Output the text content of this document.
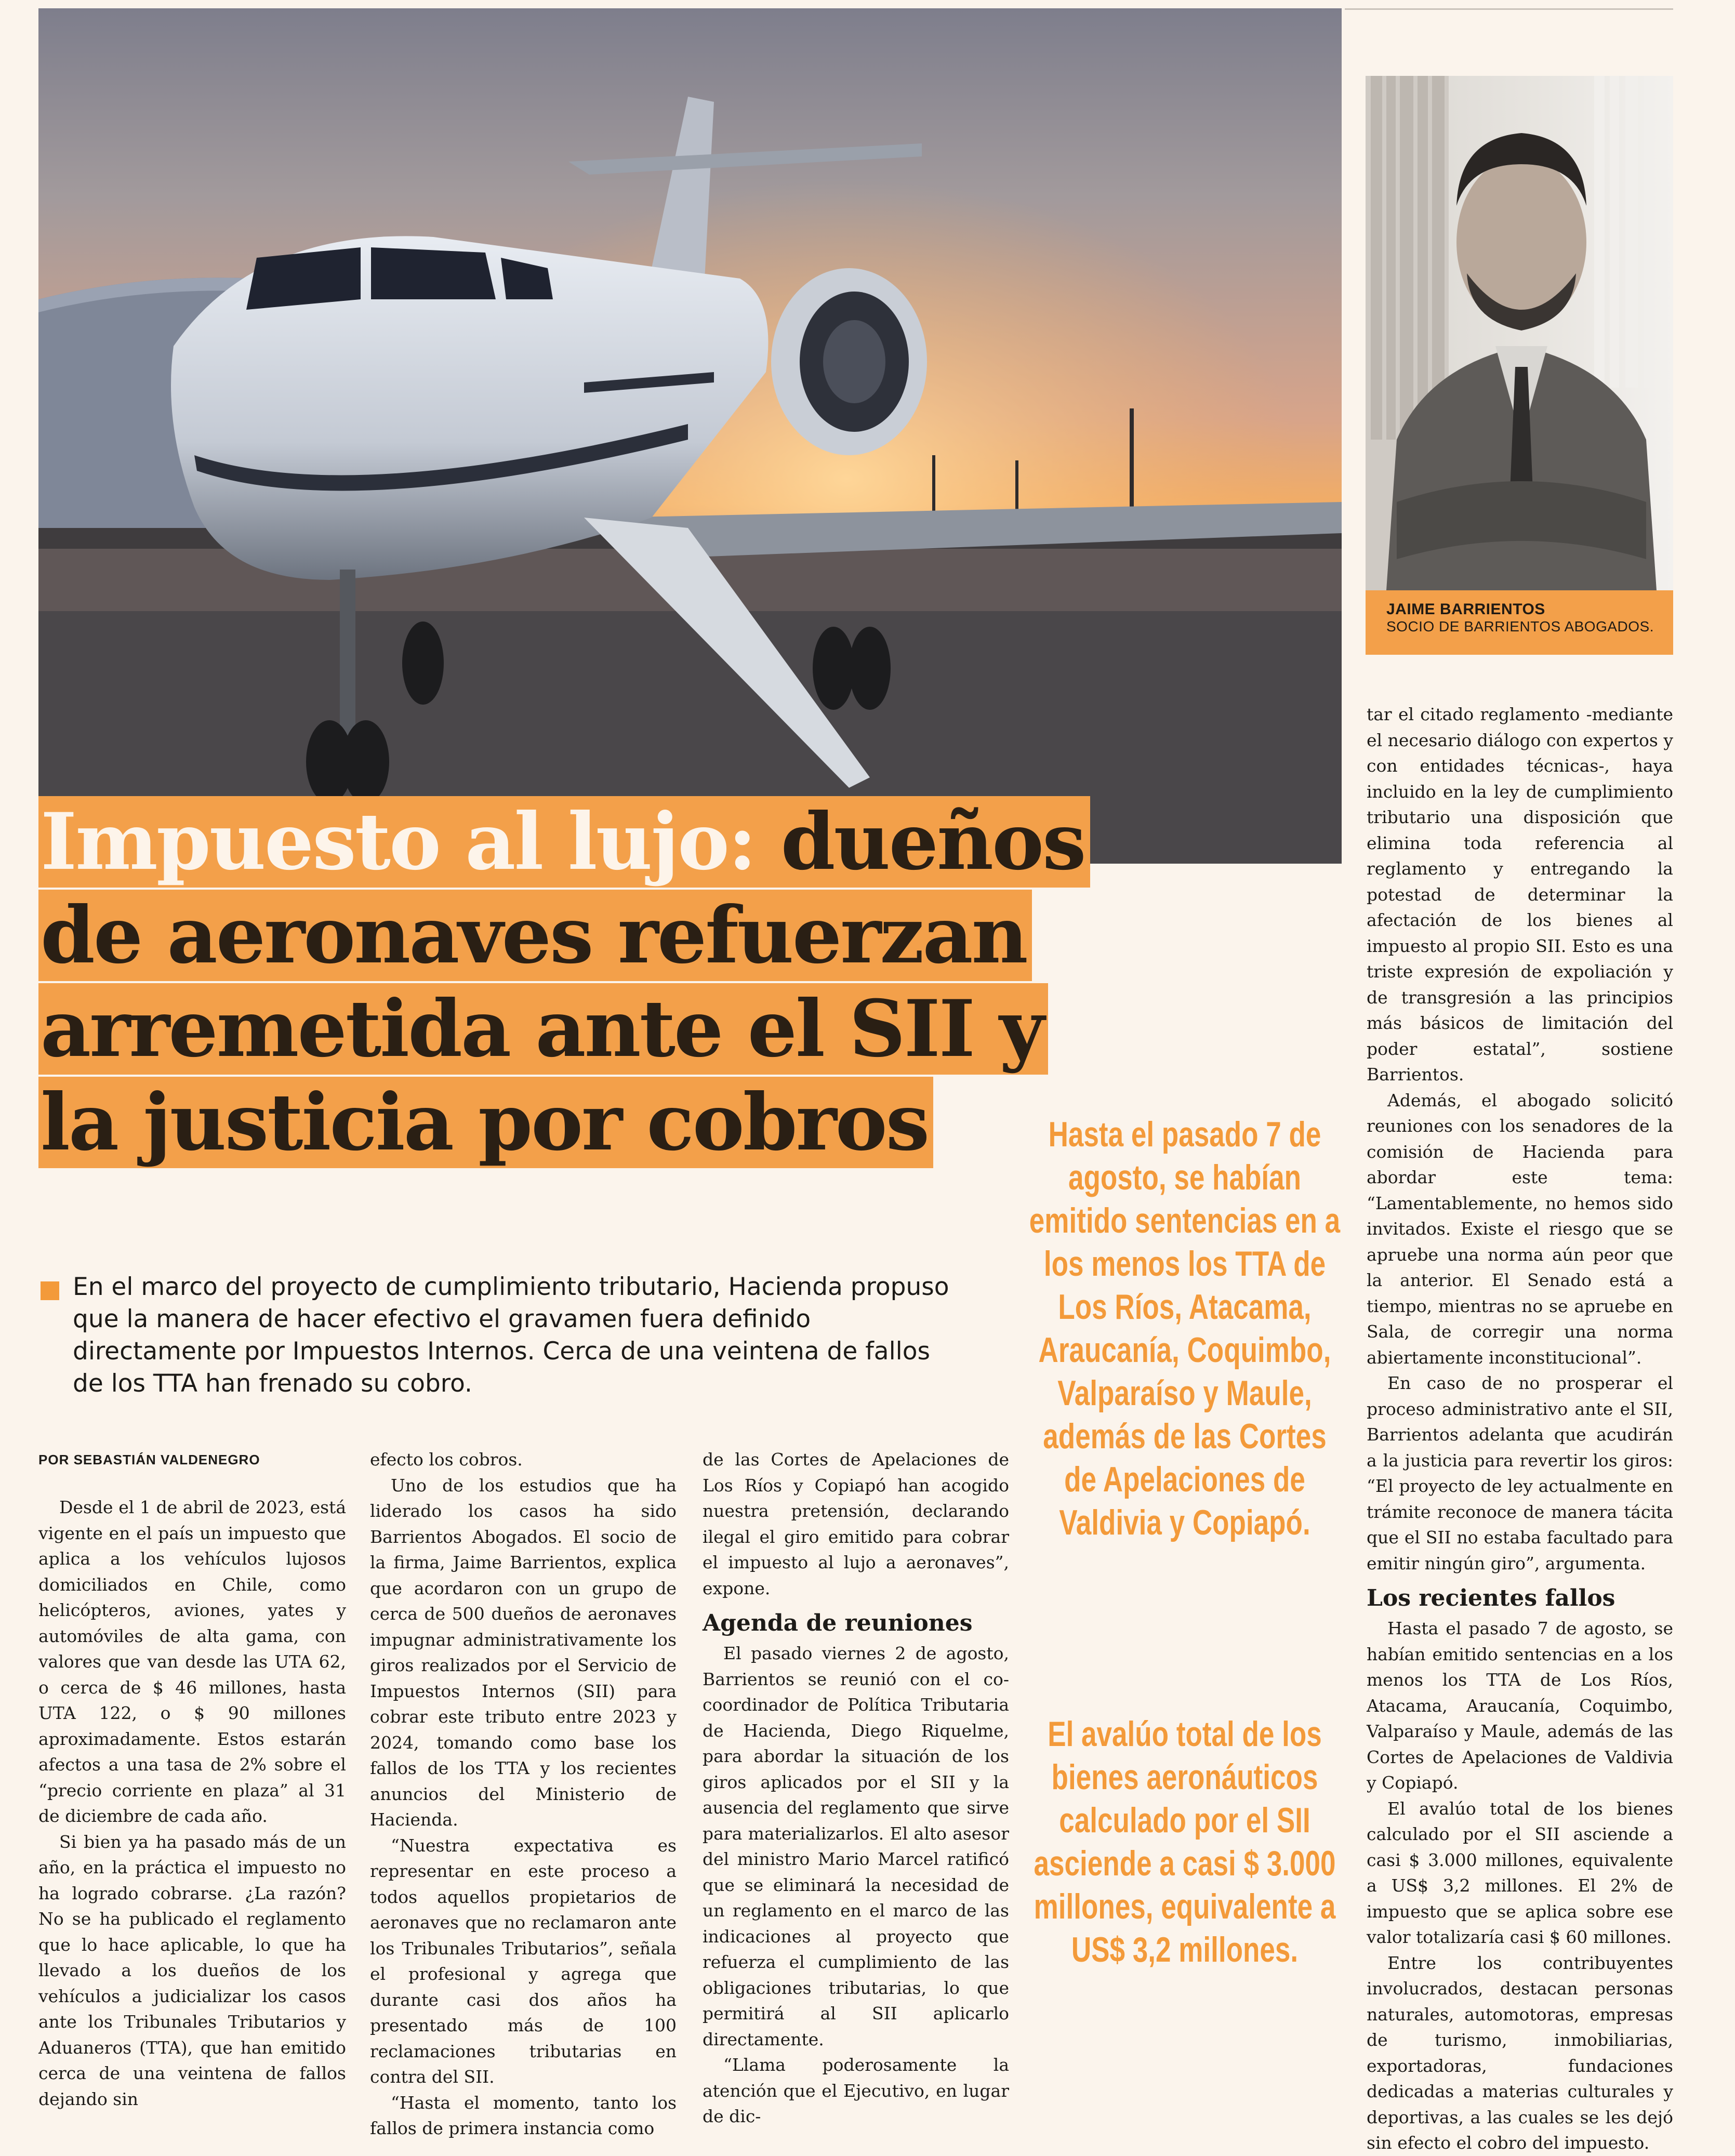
JAIME BARRIENTOS
SOCIO DE BARRIENTOS ABOGADOS.
Impuesto al lujo: dueños
de aeronaves refuerzan
arremetida ante el SII y
la justicia por cobros
En el marco del proyecto de cumplimiento tributario, Hacienda propuso que la manera de hacer efectivo el gravamen fuera definido directamente por Impuestos Internos. Cerca de una veintena de fallos de los TTA han frenado su cobro.
POR SEBASTIÁN VALDENEGRO

Desde el 1 de abril de 2023, está vigente en el país un impuesto que aplica a los vehículos lujosos domiciliados en Chile, como helicópteros, aviones, yates y automóviles de alta gama, con valores que van desde las UTA 62, o cerca de $ 46 millones, hasta UTA 122, o $ 90 millones aproximadamente. Estos estarán afectos a una tasa de 2% sobre el “precio corriente en plaza” al 31 de diciembre de cada año.

Si bien ya ha pasado más de un año, en la práctica el impuesto no ha logrado cobrarse. ¿La razón? No se ha publicado el reglamento que lo hace aplicable, lo que ha llevado a los dueños de los vehículos a judicializar los casos ante los Tribunales Tributarios y Aduaneros (TTA), que han emitido cerca de una veintena de fallos dejando sin

efecto los cobros.

Uno de los estudios que ha liderado los casos ha sido Barrientos Abogados. El socio de la firma, Jaime Barrientos, explica que acordaron con un grupo de cerca de 500 dueños de aeronaves impugnar administrativamente los giros realizados por el Servicio de Impuestos Internos (SII) para cobrar este tributo entre 2023 y 2024, tomando como base los fallos de los TTA y los recientes anuncios del Ministerio de Hacienda.

“Nuestra expectativa es representar en este proceso a todos aquellos propietarios de aeronaves que no reclamaron ante los Tribunales Tributarios”, señala el profesional y agrega que durante casi dos años ha presentado más de 100 reclamaciones tributarias en contra del SII.

“Hasta el momento, tanto los fallos de primera instancia como

de las Cortes de Apelaciones de Los Ríos y Copiapó han acogido nuestra pretensión, declarando ilegal el giro emitido para cobrar el impuesto al lujo a aeronaves”, expone.

Agenda de reuniones

El pasado viernes 2 de agosto, Barrientos se reunió con el co-coordinador de Política Tributaria de Hacienda, Diego Riquelme, para abordar la situación de los giros aplicados por el SII y la ausencia del reglamento que sirve para materializarlos. El alto asesor del ministro Mario Marcel ratificó que se eliminará la necesidad de un reglamento en el marco de las indicaciones al proyecto que refuerza el cumplimiento de las obligaciones tributarias, lo que permitirá al SII aplicarlo directamente.

“Llama poderosamente la atención que el Ejecutivo, en lugar de dic-

Hasta el pasado 7 de agosto, se habían emitido sentencias en a los menos los TTA de Los Ríos, Atacama, Araucanía, Coquimbo, Valparaíso y Maule, además de las Cortes de Apelaciones de Valdivia y Copiapó.
El avalúo total de los bienes aeronáuticos calculado por el SII asciende a casi $ 3.000 millones, equivalente a US$ 3,2 millones.

tar el citado reglamento -mediante el necesario diálogo con expertos y con entidades técnicas-, haya incluido en la ley de cumplimiento tributario una disposición que elimina toda referencia al reglamento y entregando la potestad de determinar la afectación de los bienes al impuesto al propio SII. Esto es una triste expresión de expoliación y de transgresión a las principios más básicos de limitación del poder estatal”, sostiene Barrientos.

Además, el abogado solicitó reuniones con los senadores de la comisión de Hacienda para abordar este tema: “Lamentablemente, no hemos sido invitados. Existe el riesgo que se apruebe una norma aún peor que la anterior. El Senado está a tiempo, mientras no se apruebe en Sala, de corregir una norma abiertamente inconstitucional”.

En caso de no prosperar el proceso administrativo ante el SII, Barrientos adelanta que acudirán a la justicia para revertir los giros: “El proyecto de ley actualmente en trámite reconoce de manera tácita que el SII no estaba facultado para emitir ningún giro”, argumenta.

Los recientes fallos

Hasta el pasado 7 de agosto, se habían emitido sentencias en a los menos los TTA de Los Ríos, Atacama, Araucanía, Coquimbo, Valparaíso y Maule, además de las Cortes de Apelaciones de Valdivia y Copiapó.

El avalúo total de los bienes calculado por el SII asciende a casi $ 3.000 millones, equivalente a US$ 3,2 millones. El 2% de impuesto que se aplica sobre ese valor totalizaría casi $ 60 millones.

Entre los contribuyentes involucrados, destacan personas naturales, automotoras, empresas de turismo, inmobiliarias, exportadoras, fundaciones dedicadas a materias culturales y deportivas, a las cuales se les dejó sin efecto el cobro del impuesto.
